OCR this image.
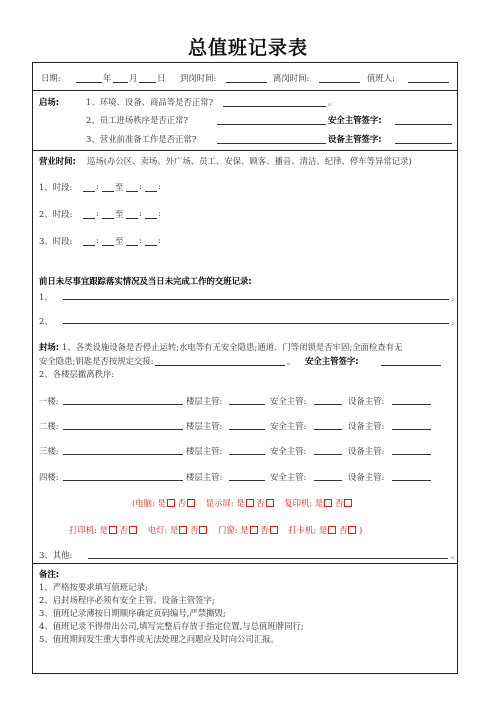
总值班记录表
日期:	年 月 日 到岗时间:	离岗时间:	值班人:
启场:	1、环境、设备、商品等是否正常?	。
2、员工进场秩序是否正常?	安全主管签字:
3、营业前准备工作是否正常?	设备主管签字:
营业时间: 巡场(办公区、卖场、外广场、员工、安保、顾客、播音、清洁、纪律、停车等异常记录)
1、时段:	: 至 : :
2、时段:	: 至 : :
3、时段:	: 至 : :
前日未尽事宜跟踪落实情况及当日未完成工作的交班记录:
1、	。
2、	。
封场: 1、各类设施设备是否停止运转;水电等有无安全隐患;通道、门等闭锁是否牢固;全面检查有无
安全隐患;钥匙是否按规定交接:	。 安全主管签字:
2、各楼层撤离秩序:
一楼:	楼层主管:	安全主管:	设备主管:
二楼:	楼层主管:	安全主管:	设备主管:
三楼:	楼层主管:	安全主管:	设备主管:
四楼:	楼层主管:	安全主管:	设备主管:
(电脑: 是 否 显示屏: 是 否 复印机: 是 否
打印机: 是 否 电灯: 是 否 门窗: 是 否 打卡机: 是 否 )
3、其他:	。
备注:
1、严格按要求填写值班记录;
2、启封场程序必须有安全主管、设备主管签字;
3、值班记录薄按日期顺序确定页码编号,严禁撕毁;
4、值班记录不得带出公司,填写完整后存放于指定位置,与总值班牌同行;
5、值班期间发生重大事件或无法处理之问题应及时向公司汇报。
